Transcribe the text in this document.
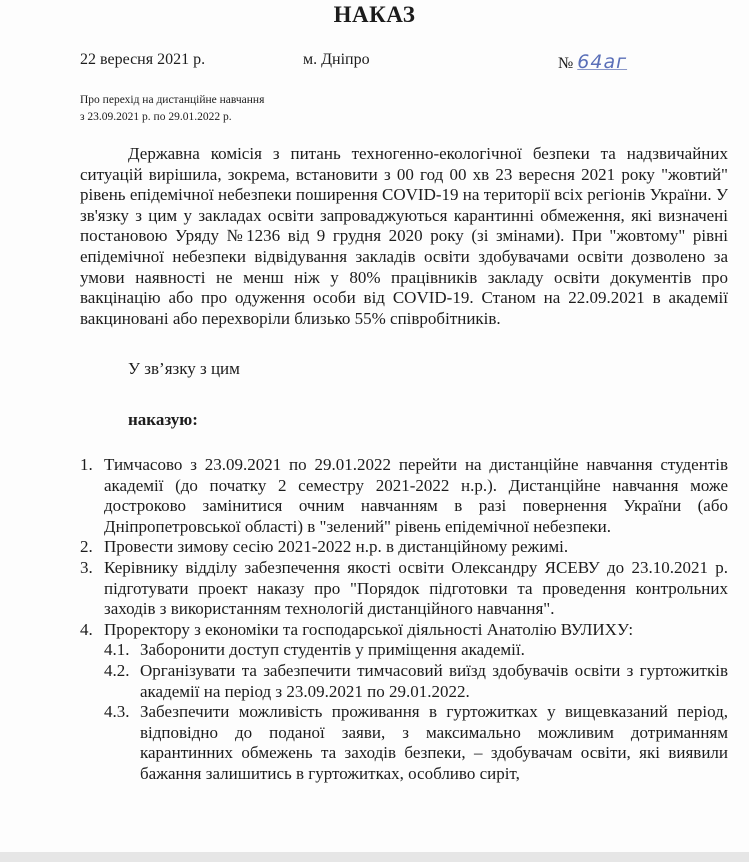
НАКАЗ
22 вересня 2021 р.	м. Дніпро	№ 64аг
Про перехід на дистанційне навчання
з 23.09.2021 р. по 29.01.2022 р.
Державна комісія з питань техногенно-екологічної безпеки та надзвичайних ситуацій вирішила, зокрема, встановити з 00 год 00 хв 23 вересня 2021 року "жовтий" рівень епідемічної небезпеки поширення COVID-19 на території всіх регіонів України. У зв'язку з цим у закладах освіти запроваджуються карантинні обмеження, які визначені постановою Уряду №1236 від 9 грудня 2020 року (зі змінами). При "жовтому" рівні епідемічної небезпеки відвідування закладів освіти здобувачами освіти дозволено за умови наявності не менш ніж у 80% працівників закладу освіти документів про вакцінацію або про одуження особи від COVID-19. Станом на 22.09.2021 в академії вакциновані або перехворіли близько 55% співробітників.
У зв’язку з цим
наказую:
1. Тимчасово з 23.09.2021 по 29.01.2022 перейти на дистанційне навчання студентів академії (до початку 2 семестру 2021-2022 н.р.). Дистанційне навчання може достроково замінитися очним навчанням в разі повернення України (або Дніпропетровської області) в "зелений" рівень епідемічної небезпеки.
2. Провести зимову сесію 2021-2022 н.р. в дистанційному режимі.
3. Керівнику відділу забезпечення якості освіти Олександру ЯСЕВУ до 23.10.2021 р. підготувати проект наказу про "Порядок підготовки та проведення контрольних заходів з використанням технологій дистанційного навчання".
4. Проректору з економіки та господарської діяльності Анатолію ВУЛИХУ:
4.1. Заборонити доступ студентів у приміщення академії.
4.2. Організувати та забезпечити тимчасовий виїзд здобувачів освіти з гуртожитків академії на період з 23.09.2021 по 29.01.2022.
4.3. Забезпечити можливість проживання в гуртожитках у вищевказаний період, відповідно до поданої заяви, з максимально можливим дотриманням карантинних обмежень та заходів безпеки, – здобувачам освіти, які виявили бажання залишитись в гуртожитках, особливо сиріт,
